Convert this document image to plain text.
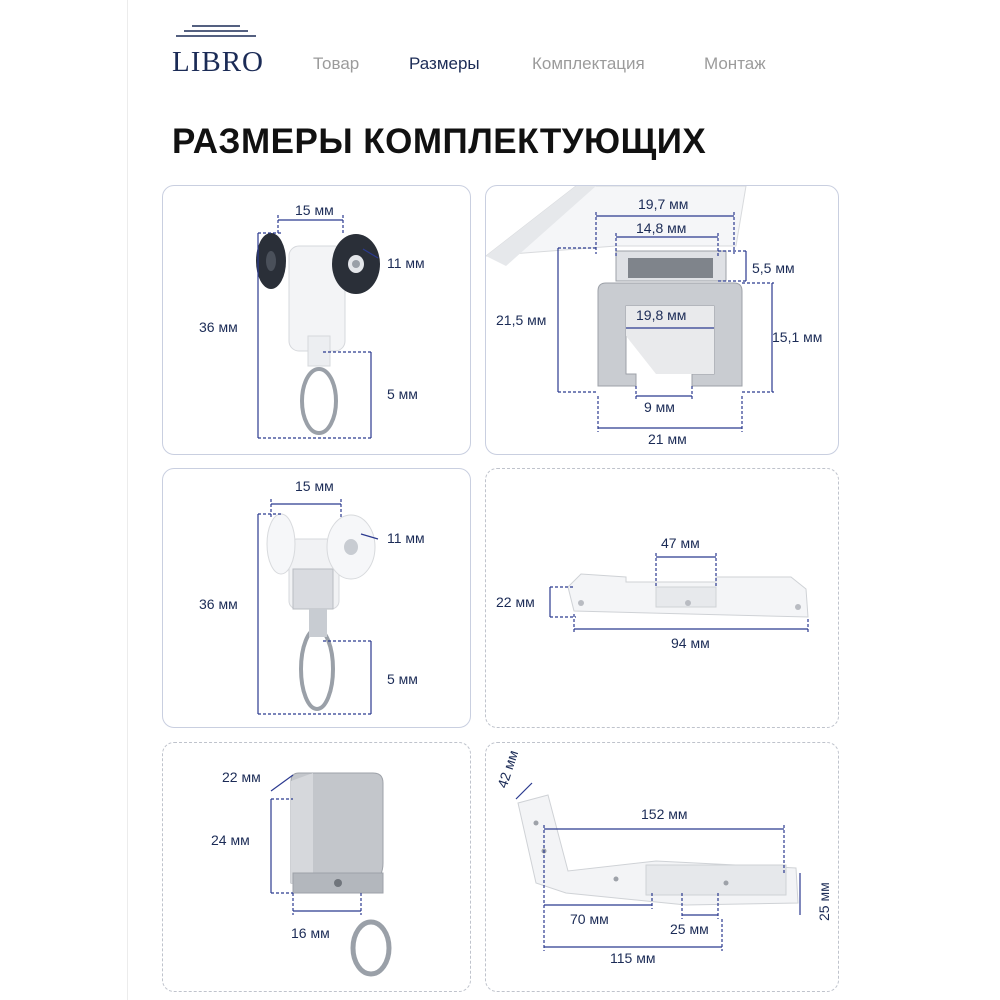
LIBRO	Товар	Размеры	Комплектация	Монтаж
РАЗМЕРЫ КОМПЛЕКТУЮЩИХ
15 мм
11 мм
36 мм
5 мм
19,7 мм
14,8 мм
5,5 мм
21,5 мм	19,8 мм
15,1 мм
9 мм
21 мм
15 мм
11 мм
36 мм
5 мм
47 мм
22 мм
94 мм
22 мм
24 мм
16 мм
42 мм
152 мм
70 мм
25 мм
25 мм
115 мм
